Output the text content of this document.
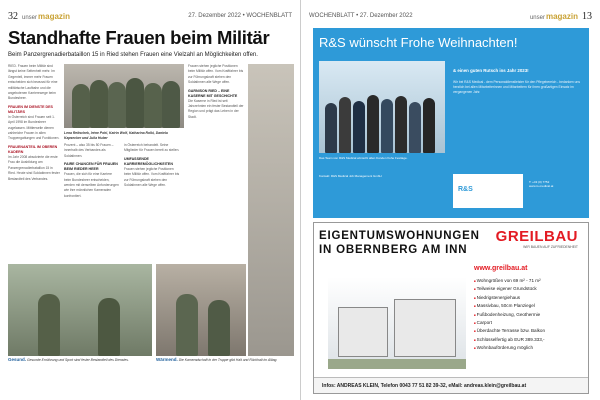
32 unsermagazin	27. Dezember 2022 • WOCHENBLATT
Standhafte Frauen beim Militär
Beim Panzergrenadierbataillon 15 in Ried stehen Frauen eine Vielzahl an Möglichkeiten offen.
RIED. Frauen beim Militär sind längst keine Seltenheit mehr. Im Gegenteil, immer mehr Frauen entscheiden sich bewusst für eine militärische Laufbahn und die angebotenen Karrierewege beim Bundesheer.
FRAUEN IM DIENSTE DES MILITÄRS
In Österreich sind Frauen seit 1. April 1998 im Bundesheer zugelassen. Mittlerweile dienen zahlreiche Frauen in allen Truppengattungen und Funktionen.
FRAUENANTEIL IM OBEREN KADERN
Im Jahr 2008 absolvierte die erste Frau die Ausbildung am Panzergrenadierbataillon 15 in Ried. Heute sind Soldatinnen fester Bestandteil des Verbandes.
Lena Reitschek, Iréne Pohl, Katrin Wolf, Katharina Rolki, Daniela Kapsecker und Julia Huber
Prozent – also 35 bis 50 Frauen – innerhalb des Verbandes als Soldatinnen.
FAIRE CHANCEN FÜR FRAUEN BEIM RIEDER HEER
Frauen, die sich für eine Karriere beim Bundesheer entscheiden, werden mit denselben Anforderungen wie ihre männlichen Kameraden konfrontiert.
in Österreich behandelt. Seine Mitglieder für Frauen bereit zu stellen.
UMFASSENDE KARRIEREMÖGLICHKEITEN
Frauen stehen jegliche Positionen beim Militär offen. Vom Kraftfahrer bis zur Führungskraft stehen den Soldatinnen alle Wege offen.
Frauen stehen jegliche Positionen beim Militär offen. Vom Kraftfahrer bis zur Führungskraft stehen den Soldatinnen alle Wege offen.
GARNISON RIED – EINE KASERNE MIT GESCHICHTE
Die Kaserne in Ried ist seit Jahrzehnten ein fester Bestandteil der Region und prägt das Leben in der Stadt.
Gesund. Gesunde Ernährung und Sport sind fester Bestandteil des Dienstes.	Wärmend. Die Kameradschaft in der Truppe gibt Halt und Rückhalt im Alltag.
WOCHENBLATT • 27. Dezember 2022	unsermagazin 13
R&S wünscht Frohe Weihnachten!
& einen guten Rutsch ins Jahr 2023!
Wir bei R&S Medical - dem Personaldienstleister für den Pflegebereich - bedanken uns herzlich bei allen Mitarbeiterinnen und Mitarbeitern für ihren großartigen Einsatz im vergangenen Jahr.
Das Team von R&S Medical wünscht allen Kunden frohe Festtage.
Kontakt: R&S Medical Job Management GmbH
R&S
T: +43 (0) 7752
www.rs-medical.at
EIGENTUMSWOHNUNGEN
IN OBERNBERG AM INN
GREILBAU
WIR BAUEN AUF ZUFRIEDENHEIT
www.greilbau.at
■ Wohngrößen von 69 m² - 71 m²
■ Teilweise eigener Grundstück
■ Niedrigstenergiehaus
■ Massivbau, 50cm Planziegel
■ Fußbodenheizung, Geothermie
■ Carport
■ Überdachte Terrasse bzw. Balkon
■ Schlüsselfertig ab EUR 389.333,-
■ Wohnbauförderung möglich
Infos: ANDREAS KLEIN, Telefon 0043 77 51 82 39-32, eMail: andreas.klein@greilbau.at
